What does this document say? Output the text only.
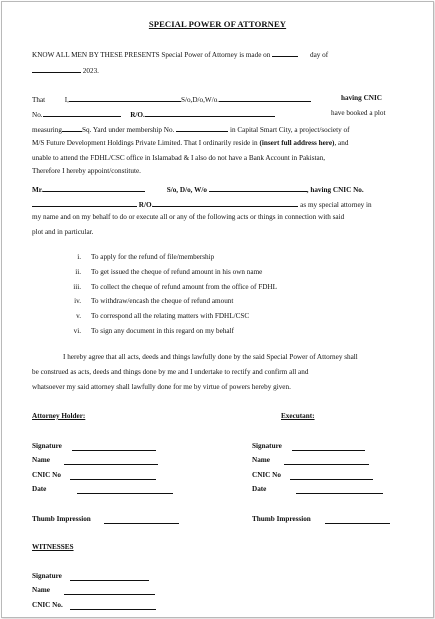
SPECIAL POWER OF ATTORNEY
KNOW ALL MEN BY THESE PRESENTS Special Power of Attorney is made on	day of
2023.
That	I,	S/o,D/o,W/o.	having CNIC
No.	R/O.	have booked a plot
measuring	Sq. Yard under membership No.	in Capital Smart City, a project/society of
M/S Future Development Holdings Private Limited. That I ordinarily reside in (insert full address here), and
unable to attend the FDHL/CSC office in Islamabad & I also do not have a Bank Account in Pakistan,
Therefore I hereby appoint/constitute.
Mr.	S/o, D/o, W/o	, having CNIC No.
R/O.	as my special attorney in
my name and on my behalf to do or execute all or any of the following acts or things in connection with said
plot and in particular.
i. To apply for the refund of file/membership
ii. To get issued the cheque of refund amount in his own name
iii. To collect the cheque of refund amount from the office of FDHL
iv. To withdraw/encash the cheque of refund amount
v. To correspond all the relating matters with FDHL/CSC
vi. To sign any document in this regard on my behalf
I hereby agree that all acts, deeds and things lawfully done by the said Special Power of Attorney shall
be construed as acts, deeds and things done by me and I undertake to rectify and confirm all and
whatsoever my said attorney shall lawfully done for me by virtue of powers hereby given.
Attorney Holder:
Signature
Name
CNIC No
Date
Thumb Impression
Executant:
Signature
Name
CNIC No
Date
Thumb Impression
WITNESSES
Signature
Name
CNIC No.
